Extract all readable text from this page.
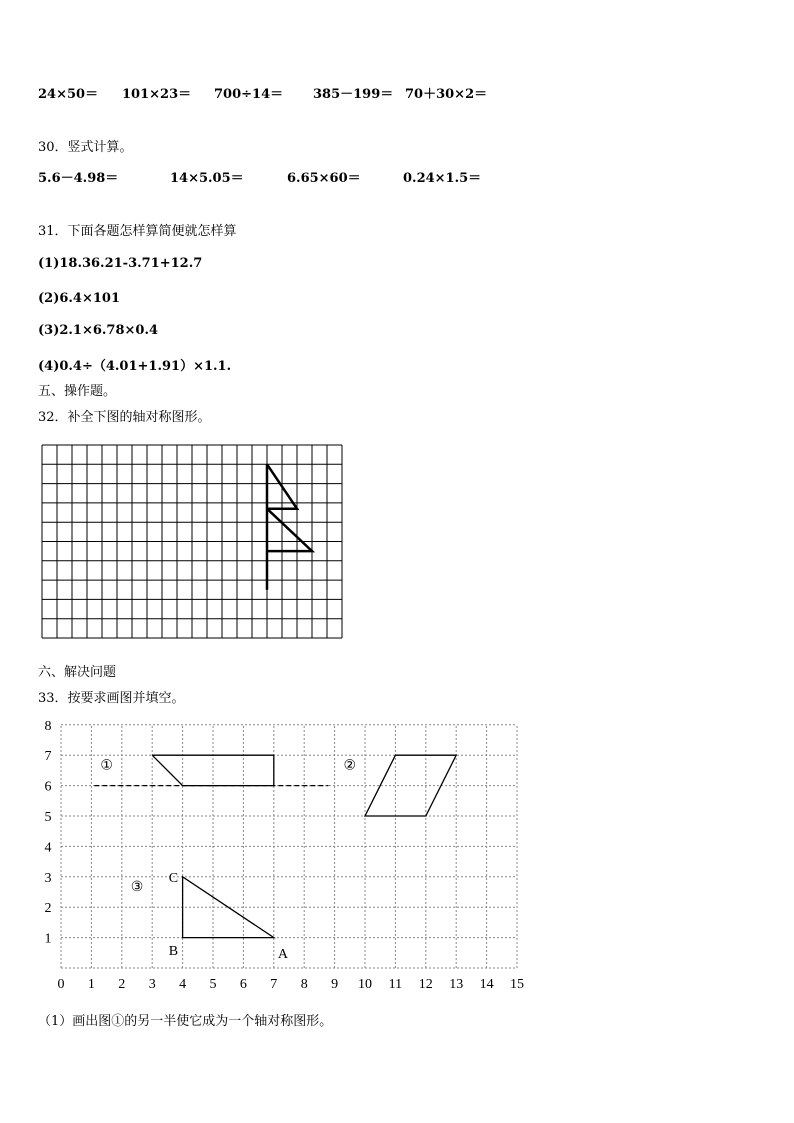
24×50＝ 101×23＝ 700÷14＝ 385－199＝ 70＋30×2＝
30．竖式计算。
5.6－4.98＝	14×5.05＝	6.65×60＝	0.24×1.5＝
31．下面各题怎样算简便就怎样算
(1)18.36.21-3.71+12.7
(2)6.4×101
(3)2.1×6.78×0.4
(4)0.4÷（4.01+1.91）×1.1.
五、操作题。
32．补全下图的轴对称图形。
六、解决问题
33．按要求画图并填空。
0 1 2 3 4 5 6 7 8 9 10 11 12 13 14 15
1
2
3
4
5
6
7
8
①	②
③
A
B
C
（1）画出图①的另一半使它成为一个轴对称图形。
